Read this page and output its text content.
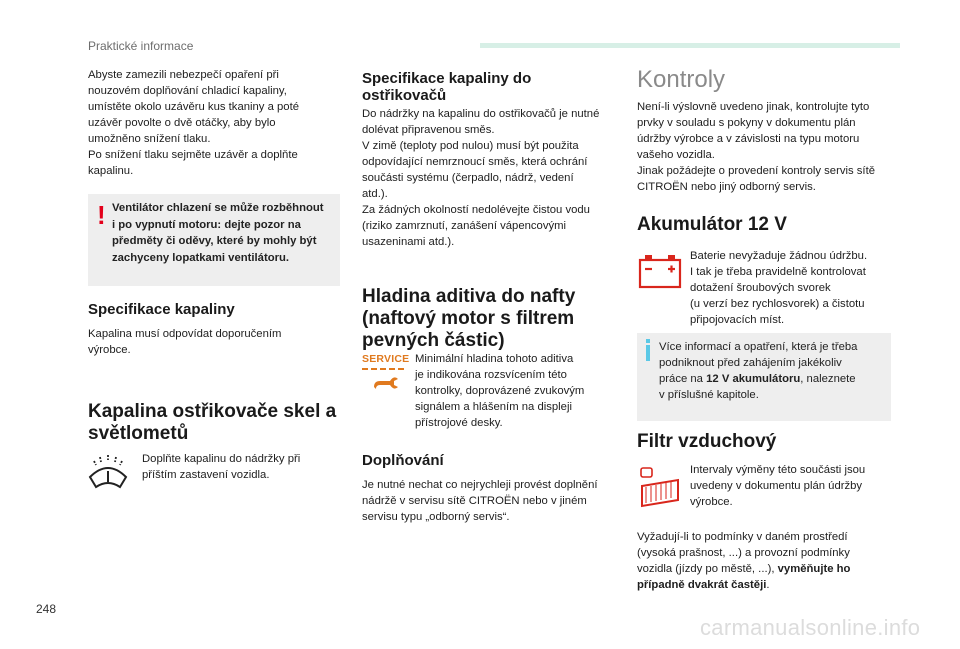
Praktické informace

Abyste zamezili nebezpečí opaření při

nouzovém doplňování chladicí kapaliny,

umístěte okolo uzávěru kus tkaniny a poté

uzávěr povolte o dvě otáčky, aby bylo

umožněno snížení tlaku.

Po snížení tlaku sejměte uzávěr a doplňte

kapalinu.

! Ventilátor chlazení se může rozběhnout
i po vypnutí motoru: dejte pozor na
předměty či oděvy, které by mohly být
zachyceny lopatkami ventilátoru.
Specifikace kapaliny

Kapalina musí odpovídat doporučením

výrobce.

Kapalina ostřikovače skel a
světlometů

Doplňte kapalinu do nádržky při

příštím zastavení vozidla.

Specifikace kapaliny do
ostřikovačů

Do nádržky na kapalinu do ostřikovačů je nutné

dolévat připravenou směs.

V zimě (teploty pod nulou) musí být použita

odpovídající nemrznoucí směs, která ochrání

součásti systému (čerpadlo, nádrž, vedení

atd.).

Za žádných okolností nedolévejte čistou vodu

(riziko zamrznutí, zanášení vápencovými

usazeninami atd.).

Hladina aditiva do nafty
(naftový motor s filtrem
pevných částic)
SERVICE Minimální hladina tohoto aditiva

je indikována rozsvícením této

kontrolky, doprovázené zvukovým

signálem a hlášením na displeji

přístrojové desky.

Doplňování

Je nutné nechat co nejrychleji provést doplnění

nádržě v servisu sítě CITROËN nebo v jiném

servisu typu „odborný servis“.

Kontroly

Není-li výslovně uvedeno jinak, kontrolujte tyto

prvky v souladu s pokyny v dokumentu plán

údržby výrobce a v závislosti na typu motoru

vašeho vozidla.

Jinak požádejte o provedení kontroly servis sítě

CITROËN nebo jiný odborný servis.

Akumulátor 12 V

Baterie nevyžaduje žádnou údržbu.

I tak je třeba pravidelně kontrolovat

dotažení šroubových svorek

(u verzí bez rychlosvorek) a čistotu

připojovacích míst.

Více informací a opatření, která je třeba
podniknout před zahájením jakékoliv
práce na 12 V akumulátoru, naleznete
v příslušné kapitole.
Filtr vzduchový

Intervaly výměny této součásti jsou

uvedeny v dokumentu plán údržby

výrobce.

Vyžadují-li to podmínky v daném prostředí

(vysoká prašnost, ...) a provozní podmínky

vozidla (jízdy po městě, ...), vyměňujte ho

případně dvakrát častěji.

248
carmanualsonline.info
